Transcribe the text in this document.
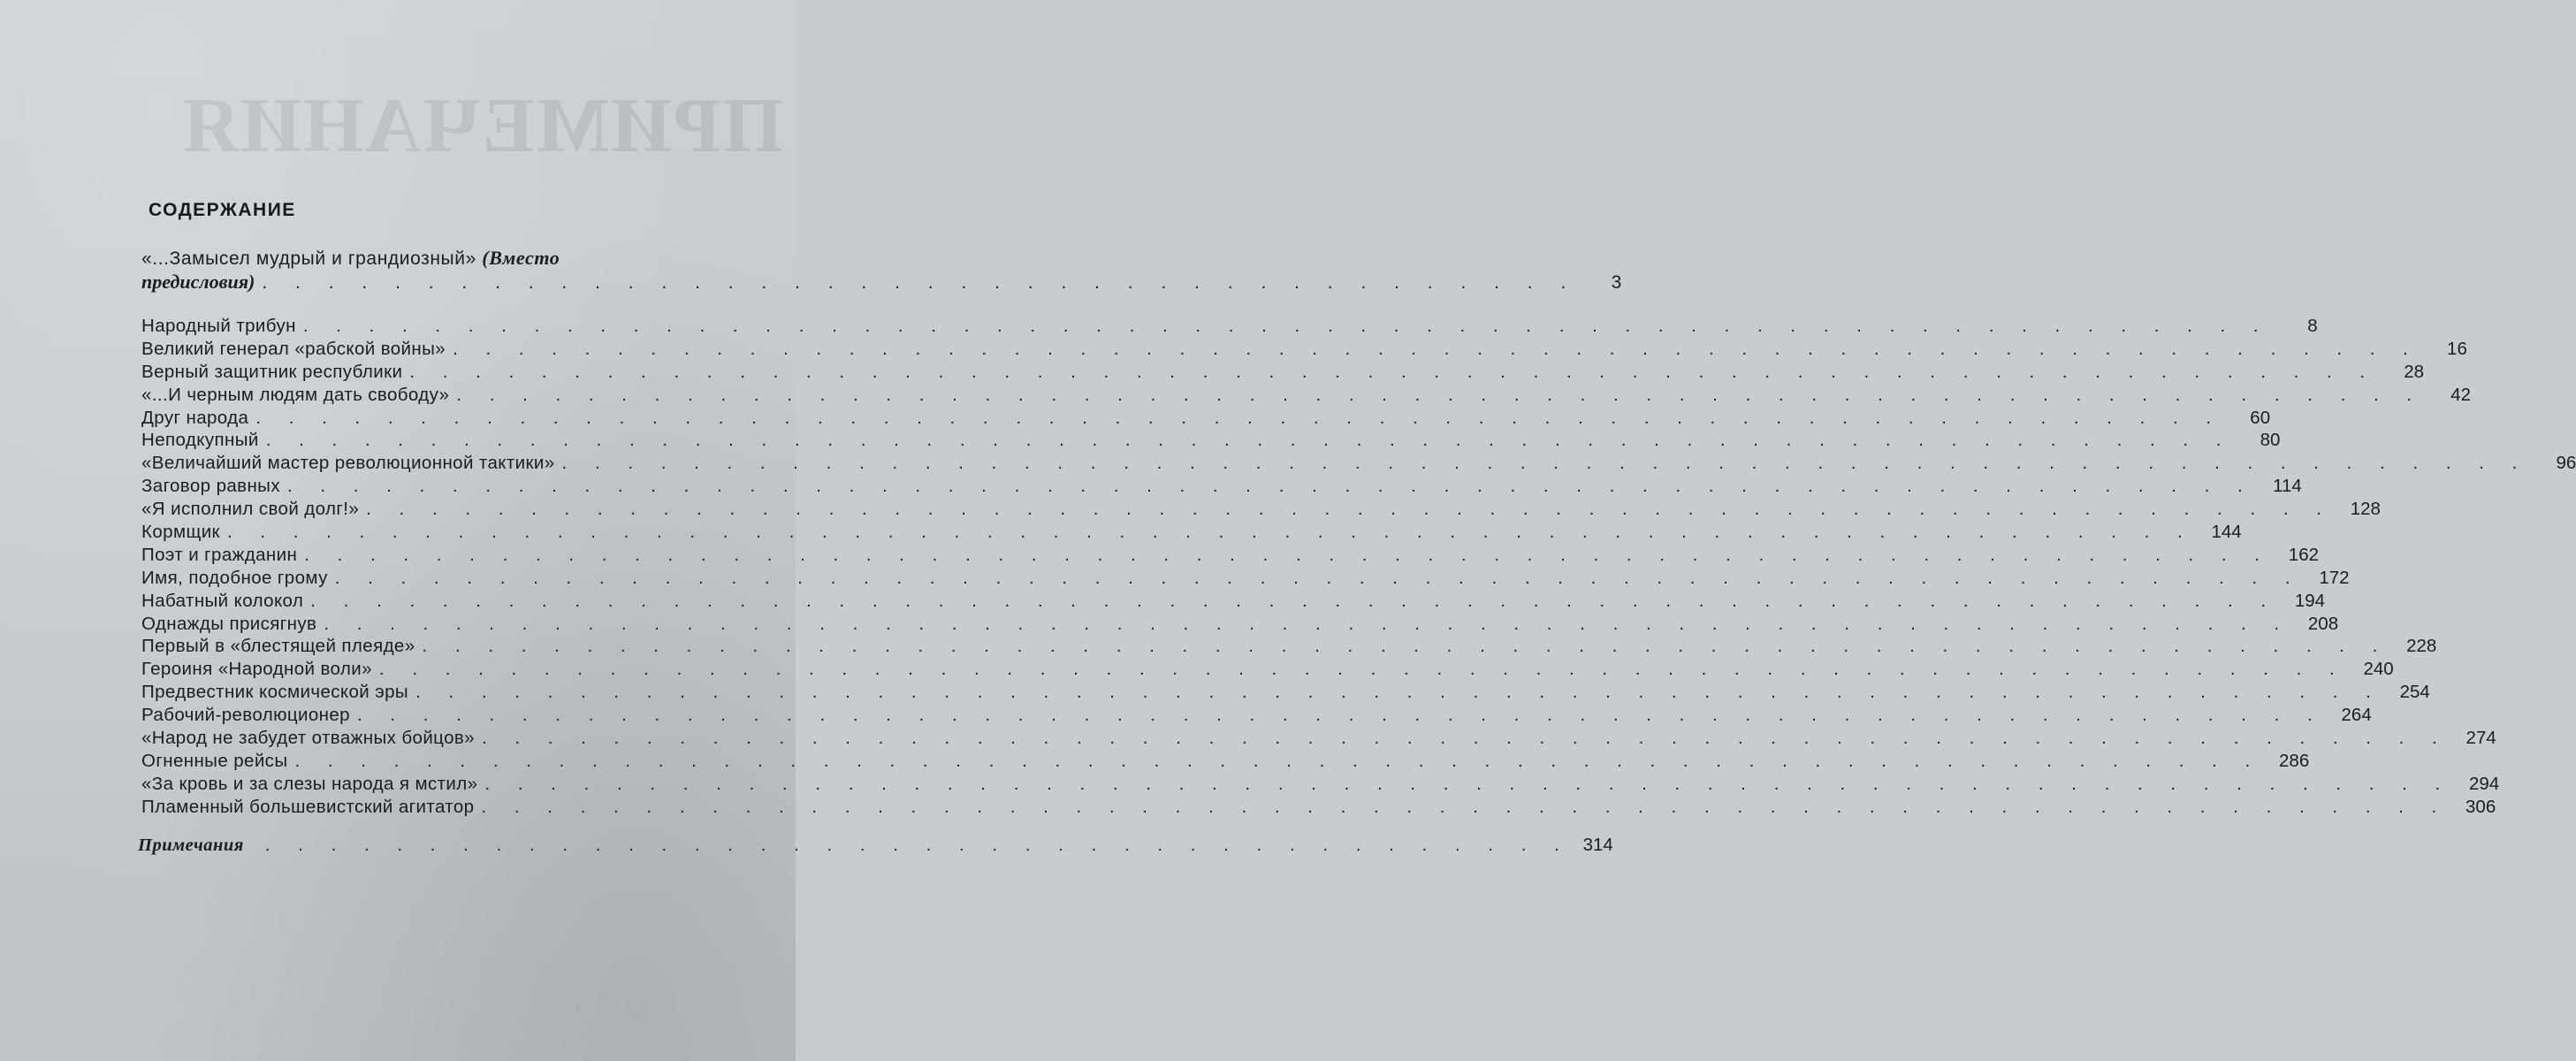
ПРИМЕЧАНИЯ
СОДЕРЖАНИЕ
«...Замысел мудрый и грандиозный» (Вместо
предисловия) . . . . . . . . . . . . . . . . . . . . . . . . . . . . . . . . . . . . . . . .	3
Народный трибун . . . . . . . . . . . . . . . . . . . . . . . . . . . . . . . . . . . . . . . . . . . . . . . . . . . . . . . . . . . .	8
Великий генерал «рабской войны» . . . . . . . . . . . . . . . . . . . . . . . . . . . . . . . . . . . . . . . . . . . . . . . . . . . . . . . . . . . .	16
Верный защитник республики . . . . . . . . . . . . . . . . . . . . . . . . . . . . . . . . . . . . . . . . . . . . . . . . . . . . . . . . . . . .	28
«...И черным людям дать свободу» . . . . . . . . . . . . . . . . . . . . . . . . . . . . . . . . . . . . . . . . . . . . . . . . . . . . . . . . . . . .	42
Друг народа . . . . . . . . . . . . . . . . . . . . . . . . . . . . . . . . . . . . . . . . . . . . . . . . . . . . . . . . . . . .	60
Неподкупный . . . . . . . . . . . . . . . . . . . . . . . . . . . . . . . . . . . . . . . . . . . . . . . . . . . . . . . . . . . .	80
«Величайший мастер революционной тактики» . . . . . . . . . . . . . . . . . . . . . . . . . . . . . . . . . . . . . . . . . . . . . . . . . . . . . . . . . . . .	96
Заговор равных . . . . . . . . . . . . . . . . . . . . . . . . . . . . . . . . . . . . . . . . . . . . . . . . . . . . . . . . . . . .	114
«Я исполнил свой долг!» . . . . . . . . . . . . . . . . . . . . . . . . . . . . . . . . . . . . . . . . . . . . . . . . . . . . . . . . . . . . 128
Кормщик . . . . . . . . . . . . . . . . . . . . . . . . . . . . . . . . . . . . . . . . . . . . . . . . . . . . . . . . . . . . 144
Поэт и гражданин . . . . . . . . . . . . . . . . . . . . . . . . . . . . . . . . . . . . . . . . . . . . . . . . . . . . . . . . . . . . 162
Имя, подобное грому . . . . . . . . . . . . . . . . . . . . . . . . . . . . . . . . . . . . . . . . . . . . . . . . . . . . . . . . . . . . 172
Набатный колокол . . . . . . . . . . . . . . . . . . . . . . . . . . . . . . . . . . . . . . . . . . . . . . . . . . . . . . . . . . . . 194
Однажды присягнув . . . . . . . . . . . . . . . . . . . . . . . . . . . . . . . . . . . . . . . . . . . . . . . . . . . . . . . . . . . . 208
Первый в «блестящей плеяде» . . . . . . . . . . . . . . . . . . . . . . . . . . . . . . . . . . . . . . . . . . . . . . . . . . . . . . . . . . . . 228
Героиня «Народной воли» . . . . . . . . . . . . . . . . . . . . . . . . . . . . . . . . . . . . . . . . . . . . . . . . . . . . . . . . . . . . 240
Предвестник космической эры . . . . . . . . . . . . . . . . . . . . . . . . . . . . . . . . . . . . . . . . . . . . . . . . . . . . . . . . . . . . 254
Рабочий-революционер . . . . . . . . . . . . . . . . . . . . . . . . . . . . . . . . . . . . . . . . . . . . . . . . . . . . . . . . . . . . 264
«Народ не забудет отважных бойцов» . . . . . . . . . . . . . . . . . . . . . . . . . . . . . . . . . . . . . . . . . . . . . . . . . . . . . . . . . . . . 274
Огненные рейсы . . . . . . . . . . . . . . . . . . . . . . . . . . . . . . . . . . . . . . . . . . . . . . . . . . . . . . . . . . . . 286
«За кровь и за слезы народа я мстил» . . . . . . . . . . . . . . . . . . . . . . . . . . . . . . . . . . . . . . . . . . . . . . . . . . . . . . . . . . . . 294
Пламенный большевистский агитатор . . . . . . . . . . . . . . . . . . . . . . . . . . . . . . . . . . . . . . . . . . . . . . . . . . . . . . . . . . . . 306
Примечания	. . . . . . . . . . . . . . . . . . . . . . . . . . . . . . . . . . . . . . . . 314
